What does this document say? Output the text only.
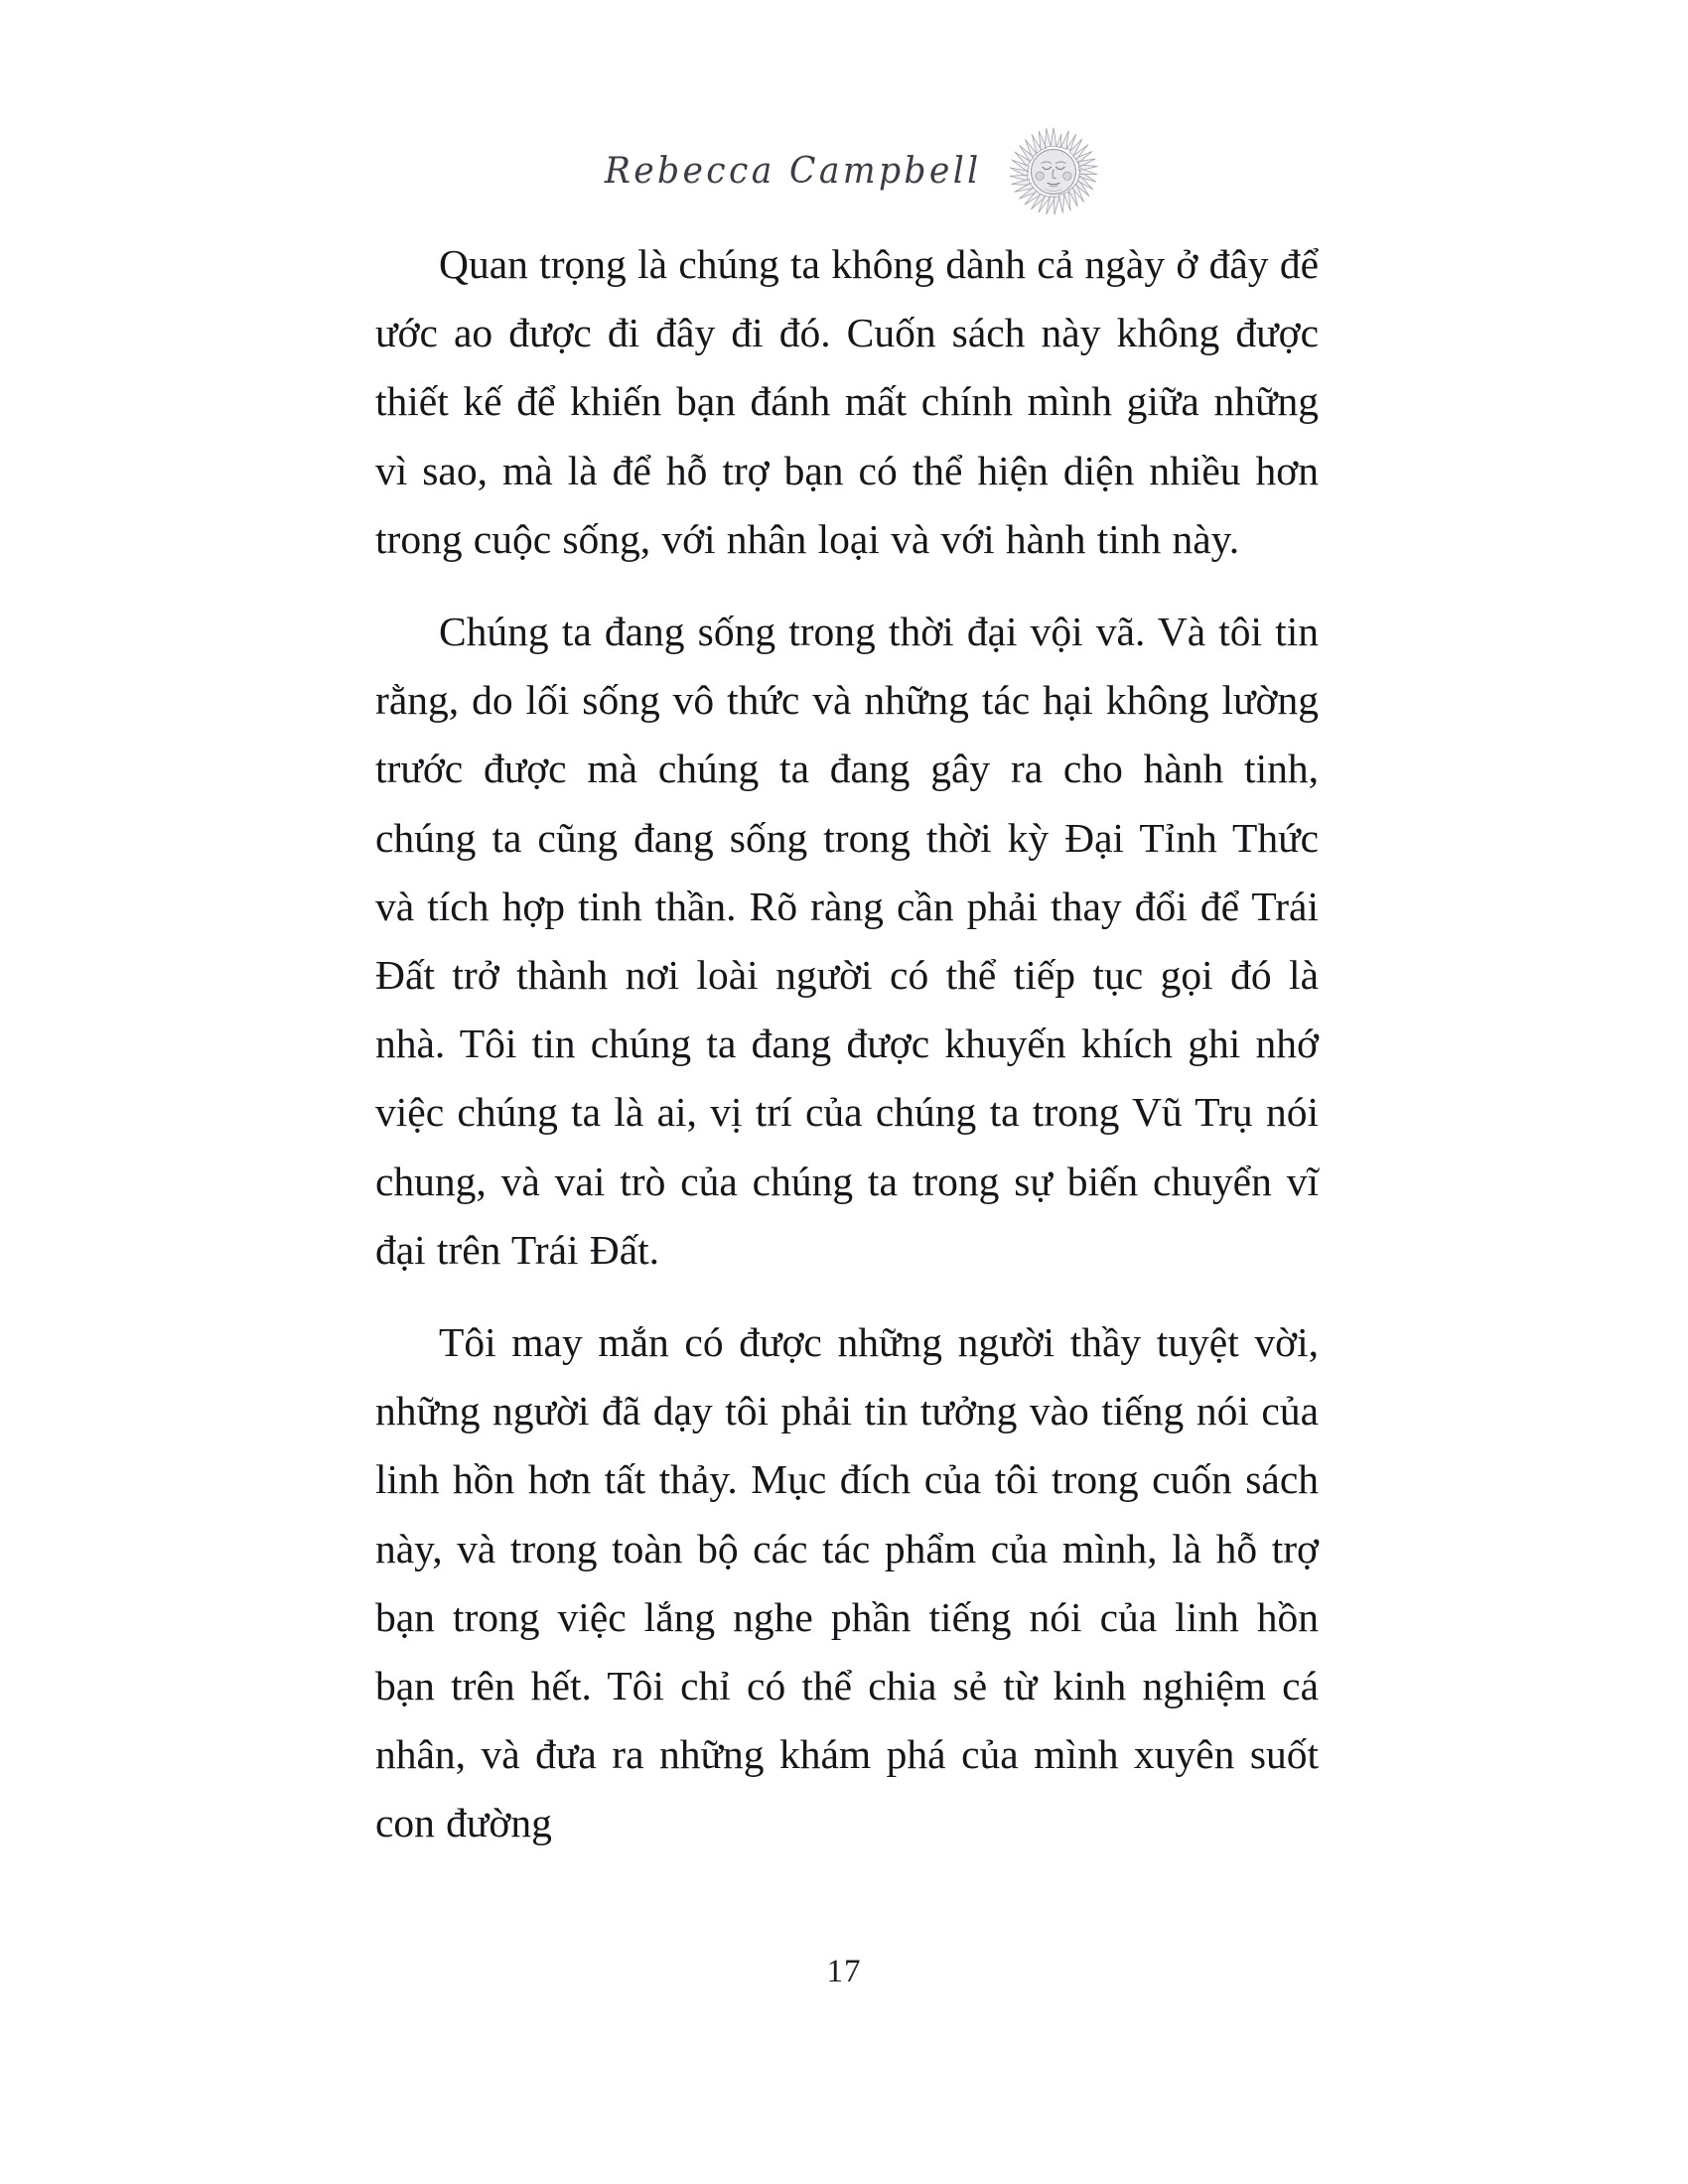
Rebecca Campbell

Quan trọng là chúng ta không dành cả ngày ở đây để ước ao được đi đây đi đó. Cuốn sách này không được thiết kế để khiến bạn đánh mất chính mình giữa những vì sao, mà là để hỗ trợ bạn có thể hiện diện nhiều hơn trong cuộc sống, với nhân loại và với hành tinh này.

Chúng ta đang sống trong thời đại vội vã. Và tôi tin rằng, do lối sống vô thức và những tác hại không lường trước được mà chúng ta đang gây ra cho hành tinh, chúng ta cũng đang sống trong thời kỳ Đại Tỉnh Thức và tích hợp tinh thần. Rõ ràng cần phải thay đổi để Trái Đất trở thành nơi loài người có thể tiếp tục gọi đó là nhà. Tôi tin chúng ta đang được khuyến khích ghi nhớ việc chúng ta là ai, vị trí của chúng ta trong Vũ Trụ nói chung, và vai trò của chúng ta trong sự biến chuyển vĩ đại trên Trái Đất.

Tôi may mắn có được những người thầy tuyệt vời, những người đã dạy tôi phải tin tưởng vào tiếng nói của linh hồn hơn tất thảy. Mục đích của tôi trong cuốn sách này, và trong toàn bộ các tác phẩm của mình, là hỗ trợ bạn trong việc lắng nghe phần tiếng nói của linh hồn bạn trên hết. Tôi chỉ có thể chia sẻ từ kinh nghiệm cá nhân, và đưa ra những khám phá của mình xuyên suốt con đường

17
